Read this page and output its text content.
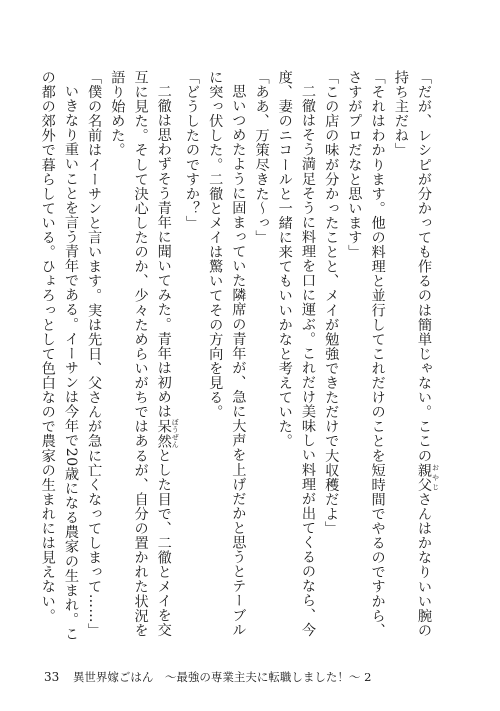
「だが、レシピが分かっても作るのは簡単じゃない。ここの親父 おやじさんはかなりいい腕の持ち主だね」

「それはわかります。他の料理と並行してこれだけのことを短時間でやるのですから、さすがプロだなと思います」

「この店の味が分かったことと、メイが勉強できただけで大収穫だよ」

二徹はそう満足そうに料理を口に運ぶ。これだけ美味しい料理が出てくるのなら、今度、妻のニコールと一緒に来てもいいかなと考えていた。

「ああ、万策尽きた～っ」

思いつめたように固まっていた隣席の青年が、急に大声を上げだかと思うとテーブルに突っ伏した。二徹とメイは驚いてその方向を見る。

「どうしたのですか？」

二徹は思わずそう青年に聞いてみた。青年は初めは呆然 ぼうぜんとした目で、二徹とメイを交互に見た。そして決心したのか、少々ためらいがちではあるが、自分の置かれた状況を語り始めた。

「僕の名前はイーサンと言います。実は先日、父さんが急に亡くなってしまって……」

いきなり重いことを言う青年である。イーサンは今年で20歳になる農家の生まれ。この都の郊外で暮らしている。ひょろっとして色白なので農家の生まれには見えない。

33 異世界嫁ごはん　～最強の専業主夫に転職しました！～ 2
